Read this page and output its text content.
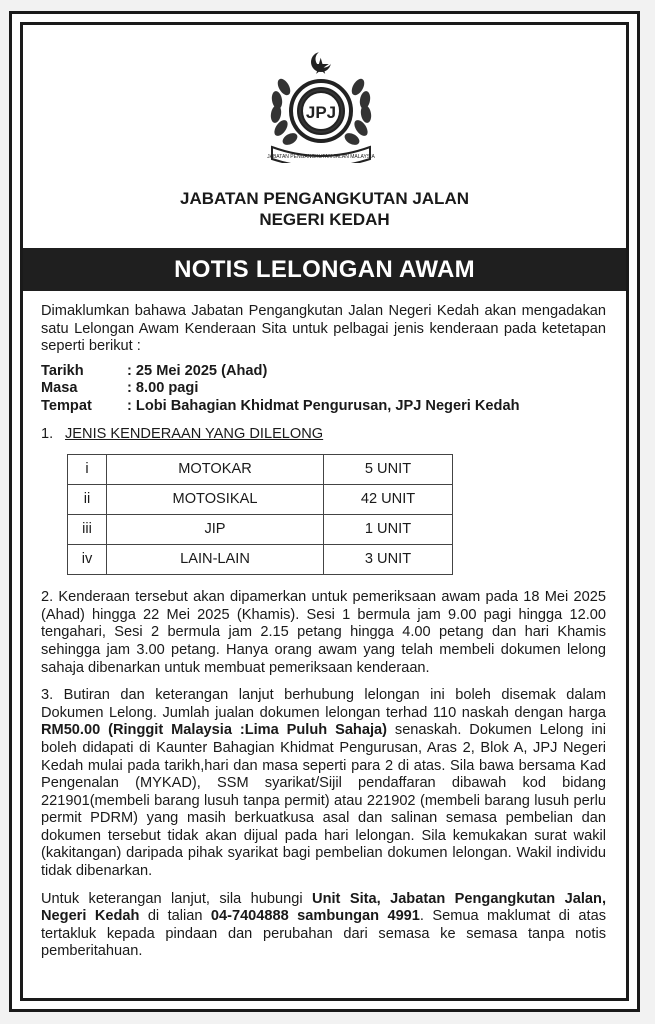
JPJ
JABATAN PENGANGKUTAN JALAN MALAYSIA
JABATAN PENGANGKUTAN JALAN
NEGERI KEDAH
NOTIS LELONGAN AWAM

Dimaklumkan bahawa Jabatan Pengangkutan Jalan Negeri Kedah akan mengadakan satu Lelongan Awam Kenderaan Sita untuk pelbagai jenis kenderaan pada ketetapan seperti berikut :

Tarikh	: 25 Mei 2025 (Ahad)
Masa	: 8.00 pagi
Tempat	: Lobi Bahagian Khidmat Pengurusan, JPJ Negeri Kedah
1. JENIS KENDERAAN YANG DILELONG
i	MOTOKAR	5 UNIT
ii	MOTOSIKAL	42 UNIT
iii	JIP	1 UNIT
iv	LAIN-LAIN	3 UNIT

2. Kenderaan tersebut akan dipamerkan untuk pemeriksaan awam pada 18 Mei 2025 (Ahad) hingga 22 Mei 2025 (Khamis). Sesi 1 bermula jam 9.00 pagi hingga 12.00 tengahari, Sesi 2 bermula jam 2.15 petang hingga 4.00 petang dan hari Khamis sehingga jam 3.00 petang. Hanya orang awam yang telah membeli dokumen lelong sahaja dibenarkan untuk membuat pemeriksaan kenderaan.

3. Butiran dan keterangan lanjut berhubung lelongan ini boleh disemak dalam Dokumen Lelong. Jumlah jualan dokumen lelongan terhad 110 naskah dengan harga RM50.00 (Ringgit Malaysia :Lima Puluh Sahaja) senaskah. Dokumen Lelong ini boleh didapati di Kaunter Bahagian Khidmat Pengurusan, Aras 2, Blok A, JPJ Negeri Kedah mulai pada tarikh,hari dan masa seperti para 2 di atas. Sila bawa bersama Kad Pengenalan (MYKAD), SSM syarikat/Sijil pendaffaran dibawah kod bidang 221901(membeli barang lusuh tanpa permit) atau 221902 (membeli barang lusuh perlu permit PDRM) yang masih berkuatkusa asal dan salinan semasa pembelian dan dokumen tersebut tidak akan dijual pada hari lelongan. Sila kemukakan surat wakil (kakitangan) daripada pihak syarikat bagi pembelian dokumen lelongan. Wakil individu tidak dibenarkan.

Untuk keterangan lanjut, sila hubungi Unit Sita, Jabatan Pengangkutan Jalan, Negeri Kedah di talian 04-7404888 sambungan 4991. Semua maklumat di atas tertakluk kepada pindaan dan perubahan dari semasa ke semasa tanpa notis pemberitahuan.
